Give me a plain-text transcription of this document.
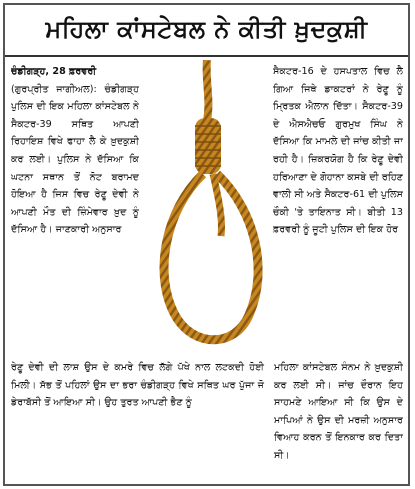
ਮਹਿਲਾ ਕਾਂਸਟੇਬਲ ਨੇ ਕੀਤੀ ਖ਼ੁਦਕੁਸ਼ੀ

ਚੰਡੀਗੜ੍ਹ, 28 ਫ਼ਰਵਰੀ
(ਗੁਰਪ੍ਰੀਤ ਜਾਗੀਅਲ): ਚੰਡੀਗੜ੍ਹ ਪੁਲਿਸ ਦੀ ਇਕ ਮਹਿਲਾ ਕਾਂਸਟੇਬਲ ਨੇ ਸੈਕਟਰ-39 ਸਥਿਤ ਆਪਣੀ ਰਿਹਾਇਸ਼ ਵਿਖੇ ਫਾਹਾ ਲੈ ਕੇ ਖ਼ੁਦਕੁਸ਼ੀ ਕਰ ਲਈ। ਪੁਲਿਸ ਨੇ ਦੱਸਿਆ ਕਿ ਘਟਨਾ ਸਥਾਨ ਤੋਂ ਨੋਟ ਬਰਾਮਦ ਹੋਇਆ ਹੈ ਜਿਸ ਵਿਚ ਰੇਣੂ ਦੇਵੀ ਨੇ ਆਪਣੀ ਮੌਤ ਦੀ ਜ਼ਿੰਮੇਵਾਰ ਖ਼ੁਦ ਨੂੰ ਦੱਸਿਆ ਹੈ। ਜਾਣਕਾਰੀ ਅਨੁਸਾਰ

ਸੈਕਟਰ-16 ਦੇ ਹਸਪਤਾਲ ਵਿਚ ਲੈ ਗਿਆ ਜਿਥੇ ਡਾਕਟਰਾਂ ਨੇ ਰੇਣੂ ਨੂੰ ਮ੍ਰਿਤਕ ਐਲਾਨ ਦਿੱਤਾ। ਸੈਕਟਰ-39 ਦੇ ਐਸਐਚਓ ਗੁਰਮੁਖ ਸਿੰਘ ਨੇ ਦੱਸਿਆ ਕਿ ਮਾਮਲੇ ਦੀ ਜਾਂਚ ਕੀਤੀ ਜਾ ਰਹੀ ਹੈ। ਜ਼ਿਕਰਯੋਗ ਹੈ ਕਿ ਰੇਣੂ ਦੇਵੀ ਹਰਿਆਣਾ ਦੇ ਗੋਹਾਨਾ ਕਸਬੇ ਦੀ ਰਹਿਣ ਵਾਲੀ ਸੀ ਅਤੇ ਸੈਕਟਰ-61 ਦੀ ਪੁਲਿਸ ਚੌਕੀ 'ਤੇ ਤਾਇਨਾਤ ਸੀ। ਬੀਤੀ 13 ਫ਼ਰਵਰੀ ਨੂੰ ਜੂਟੀ ਪੁਲਿਸ ਦੀ ਇਕ ਹੋਰ

ਰੇਣੂ ਦੇਵੀ ਦੀ ਲਾਸ਼ ਉਸ ਦੇ ਕਮਰੇ ਵਿਚ ਲੱਗੇ ਪੱਖੇ ਨਾਲ ਲਟਕਦੀ ਹੋਈ ਮਿਲੀ। ਸੱਭ ਤੋਂ ਪਹਿਲਾਂ ਉਸ ਦਾ ਭਰਾ ਚੰਡੀਗੜ੍ਹ ਵਿਖੇ ਸਥਿਤ ਘਰ ਪੁੱਜਾ ਜੋ ਡੇਰਾਬੱਸੀ ਤੋਂ ਆਇਆ ਸੀ। ਉਹ ਤੁਰਤ ਆਪਣੀ ਭੈਣ ਨੂੰ

ਮਹਿਲਾ ਕਾਂਸਟੇਬਲ ਸੰਨਮ ਨੇ ਖ਼ੁਦਕੁਸ਼ੀ ਕਰ ਲਈ ਸੀ। ਜਾਂਚ ਦੌਰਾਨ ਇਹ ਸਾਹਮਣੇ ਆਇਆ ਸੀ ਕਿ ਉਸ ਦੇ ਮਾਪਿਆਂ ਨੇ ਉਸ ਦੀ ਮਰਜ਼ੀ ਅਨੁਸਾਰ ਵਿਆਹ ਕਰਨ ਤੋਂ ਇਨਕਾਰ ਕਰ ਦਿਤਾ ਸੀ।
